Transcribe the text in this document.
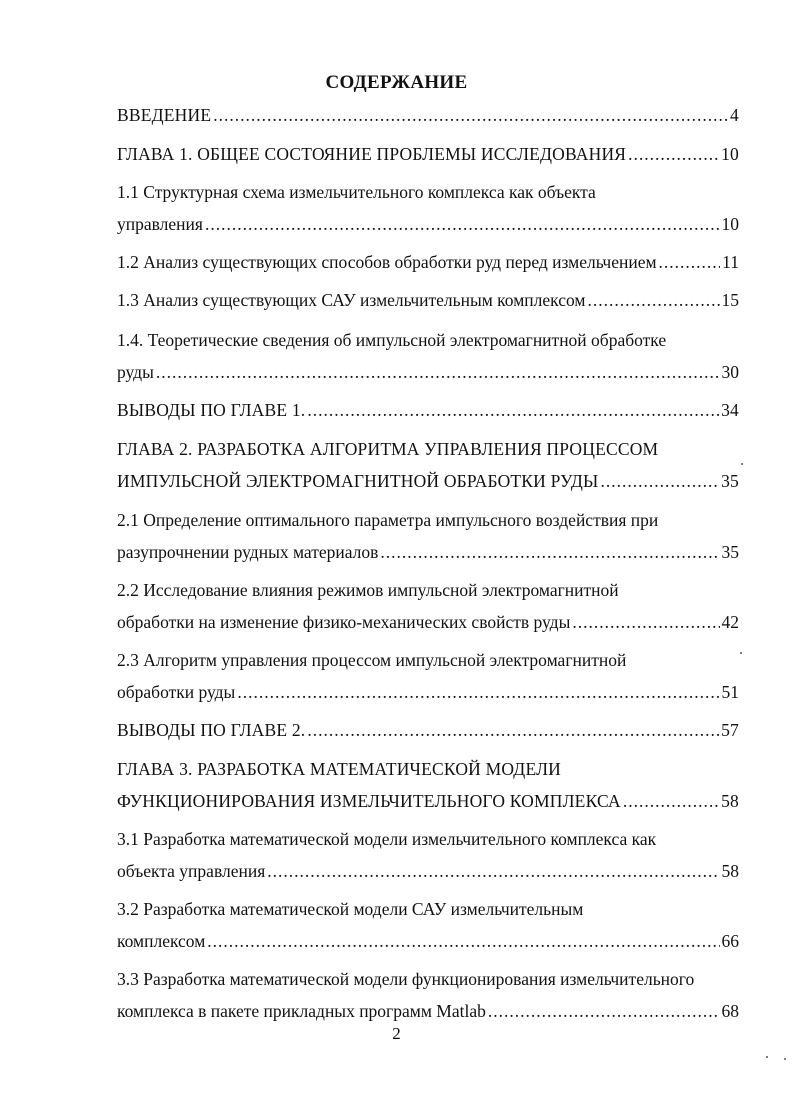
СОДЕРЖАНИЕ
ВВЕДЕНИЕ .....	4
ГЛАВА 1. ОБЩЕЕ СОСТОЯНИЕ ПРОБЛЕМЫ ИССЛЕДОВАНИЯ .....	10
1.1 Структурная схема измельчительного комплекса как объекта
управления .....	10
1.2 Анализ существующих способов обработки руд перед измельчением .....	11
1.3 Анализ существующих САУ измельчительным комплексом .....	15
1.4. Теоретические сведения об импульсной электромагнитной обработке
руды .....	30
ВЫВОДЫ ПО ГЛАВЕ 1. .....	34
ГЛАВА 2. РАЗРАБОТКА АЛГОРИТМА УПРАВЛЕНИЯ ПРОЦЕССОМ
ИМПУЛЬСНОЙ ЭЛЕКТРОМАГНИТНОЙ ОБРАБОТКИ РУДЫ .....	35
2.1 Определение оптимального параметра импульсного воздействия при
разупрочнении рудных материалов .....	35
2.2 Исследование влияния режимов импульсной электромагнитной
обработки на изменение физико-механических свойств руды .....	42
2.3 Алгоритм управления процессом импульсной электромагнитной
обработки руды .....	51
ВЫВОДЫ ПО ГЛАВЕ 2. .....	57
ГЛАВА 3. РАЗРАБОТКА МАТЕМАТИЧЕСКОЙ МОДЕЛИ
ФУНКЦИОНИРОВАНИЯ ИЗМЕЛЬЧИТЕЛЬНОГО КОМПЛЕКСА .....	58
3.1 Разработка математической модели измельчительного комплекса как
объекта управления .....	58
3.2 Разработка математической модели САУ измельчительным
комплексом .....	66
3.3 Разработка математической модели функционирования измельчительного
комплекса в пакете прикладных программ Matlab .....	68
2
